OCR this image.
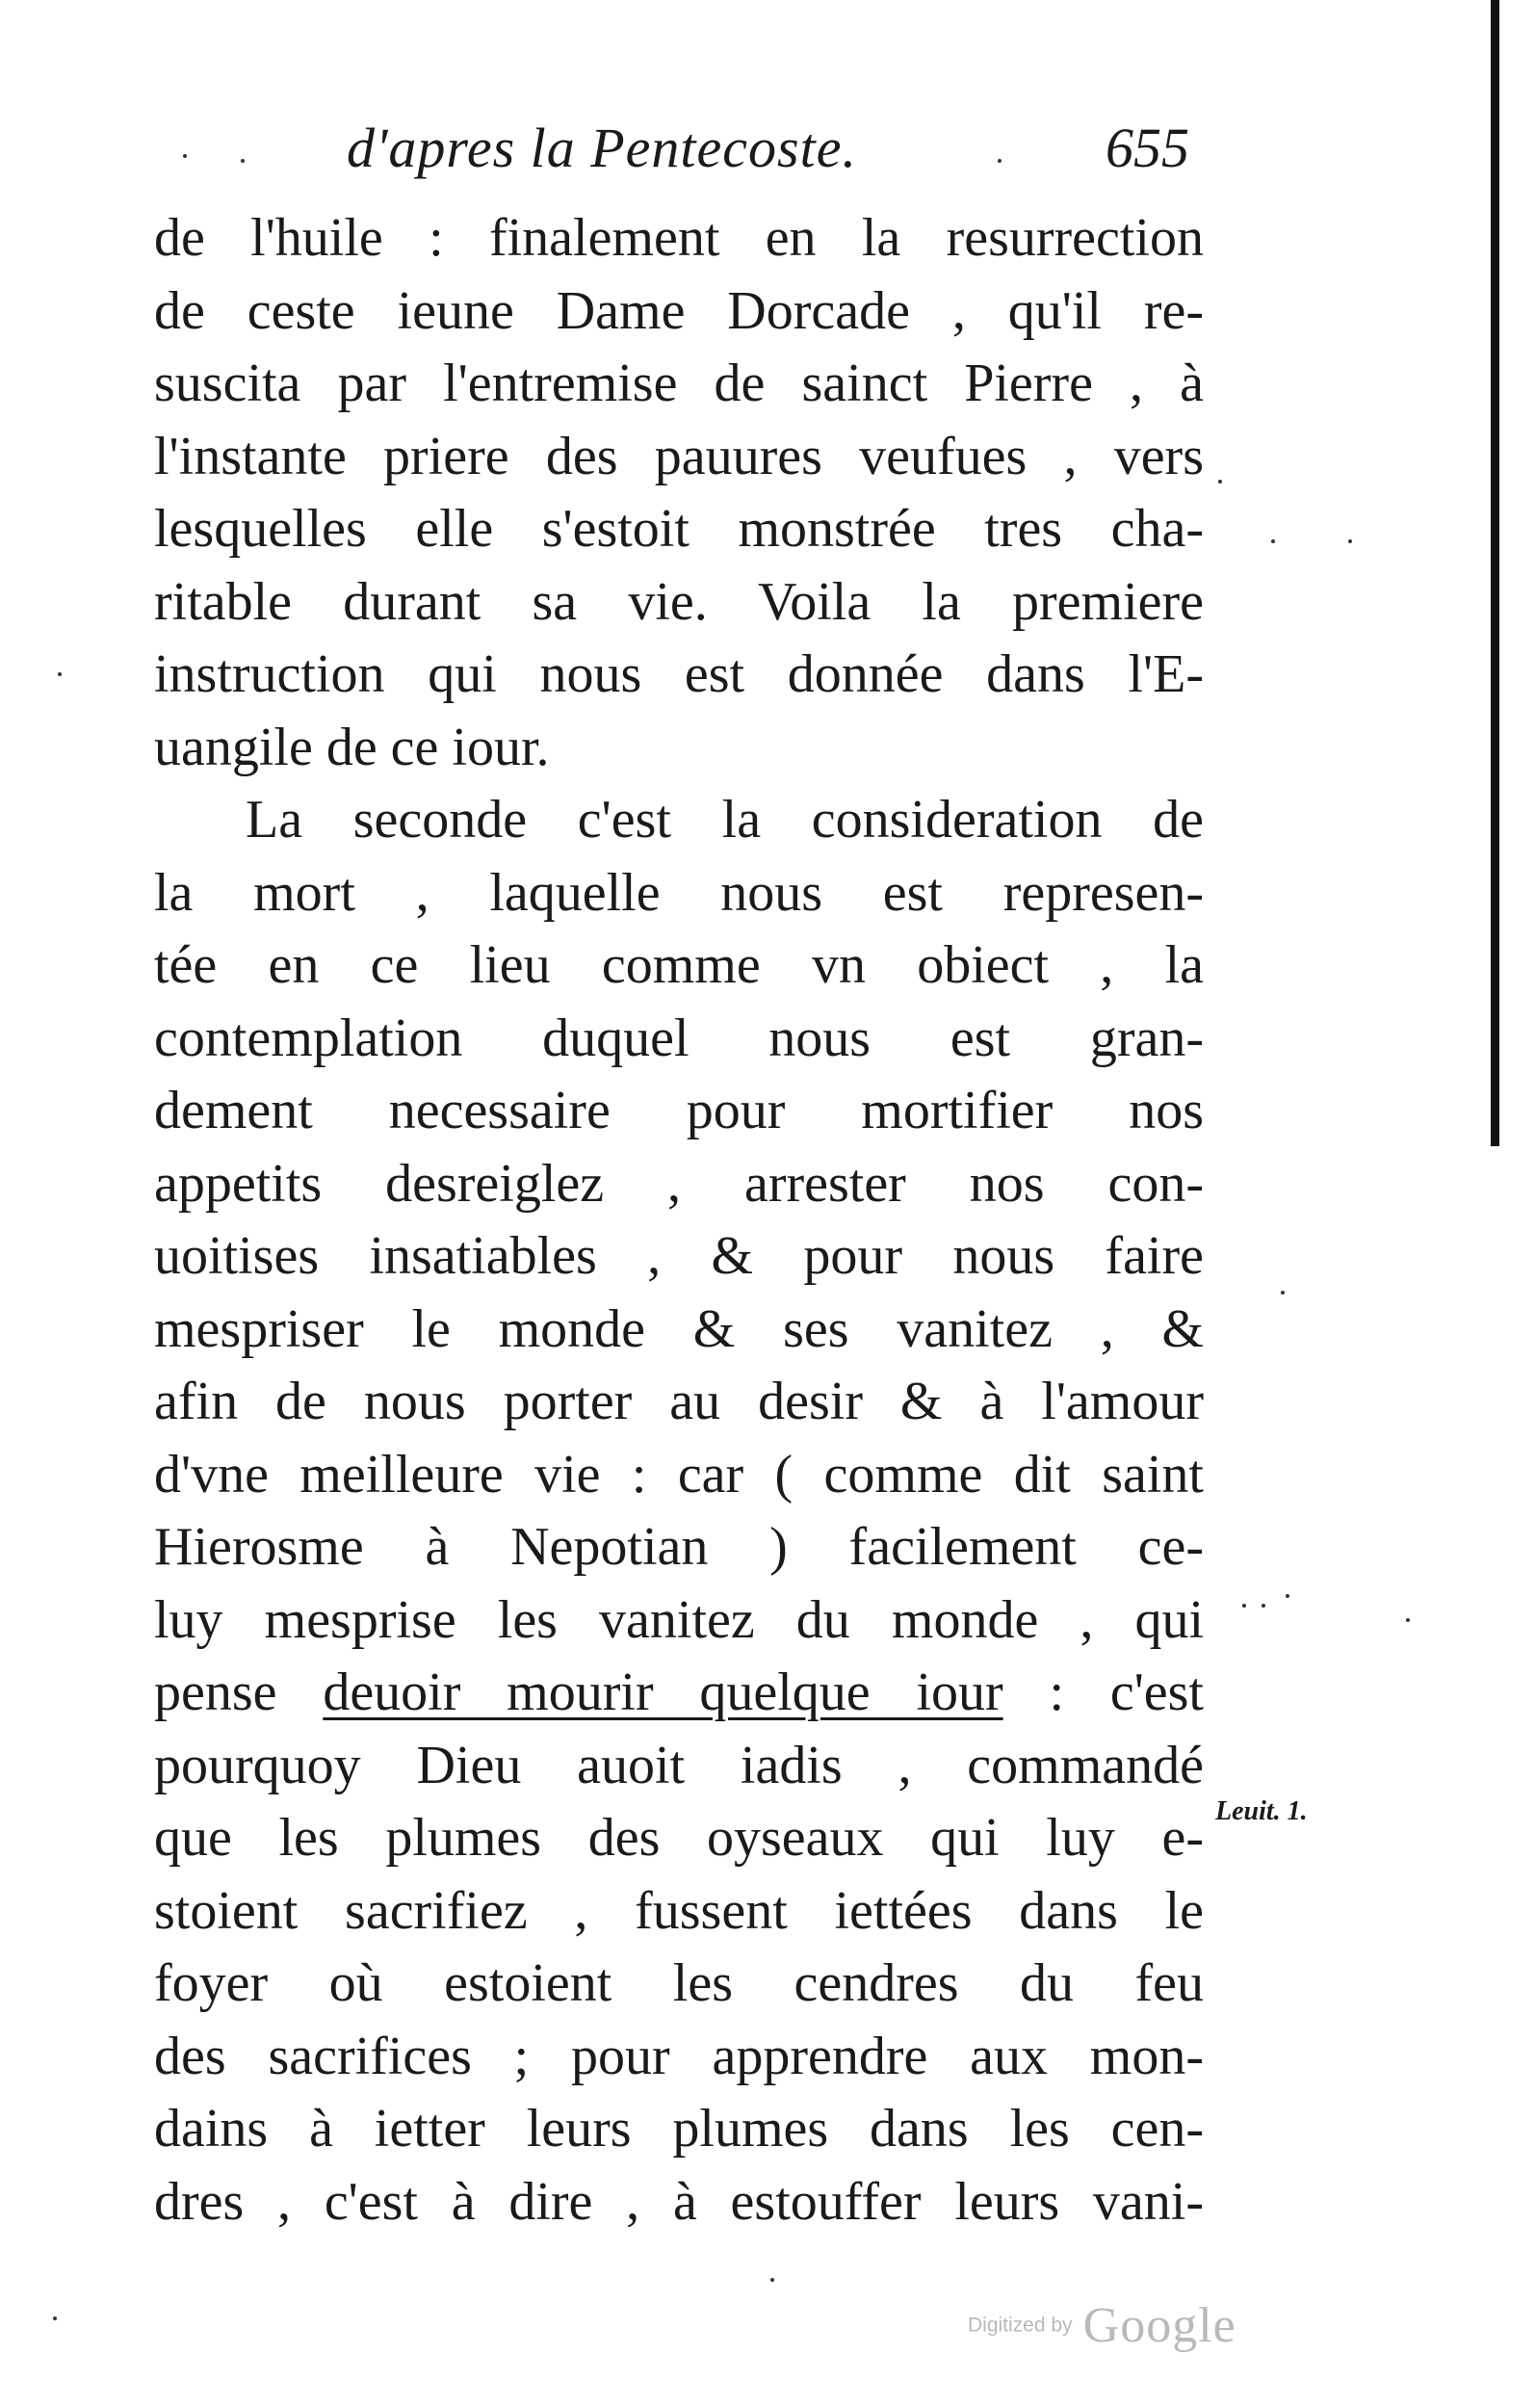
d'apres la Pentecoste.	655
de l'huile : finalement en la resurrection
de ceste ieune Dame Dorcade , qu'il re-
suscita par l'entremise de sainct Pierre , à
l'instante priere des pauures veufues , vers
lesquelles elle s'estoit monstrée tres cha-
ritable durant sa vie. Voila la premiere
instruction qui nous est donnée dans l'E-
uangile de ce iour.
La seconde c'est la consideration de
la mort , laquelle nous est represen-
tée en ce lieu comme vn obiect , la
contemplation duquel nous est gran-
dement necessaire pour mortifier nos
appetits desreiglez , arrester nos con-
uoitises insatiables , & pour nous faire
mespriser le monde & ses vanitez , &
afin de nous porter au desir & à l'amour
d'vne meilleure vie : car ( comme dit saint
Hierosme à Nepotian ) facilement ce-
luy mesprise les vanitez du monde , qui
pense deuoir mourir quelque iour : c'est
pourquoy Dieu auoit iadis , commandé
que les plumes des oyseaux qui luy e-
stoient sacrifiez , fussent iettées dans le
foyer où estoient les cendres du feu
des sacrifices ; pour apprendre aux mon-
dains à ietter leurs plumes dans les cen-
dres , c'est à dire , à estouffer leurs vani-
Leuit. 1.
Digitized by Google
